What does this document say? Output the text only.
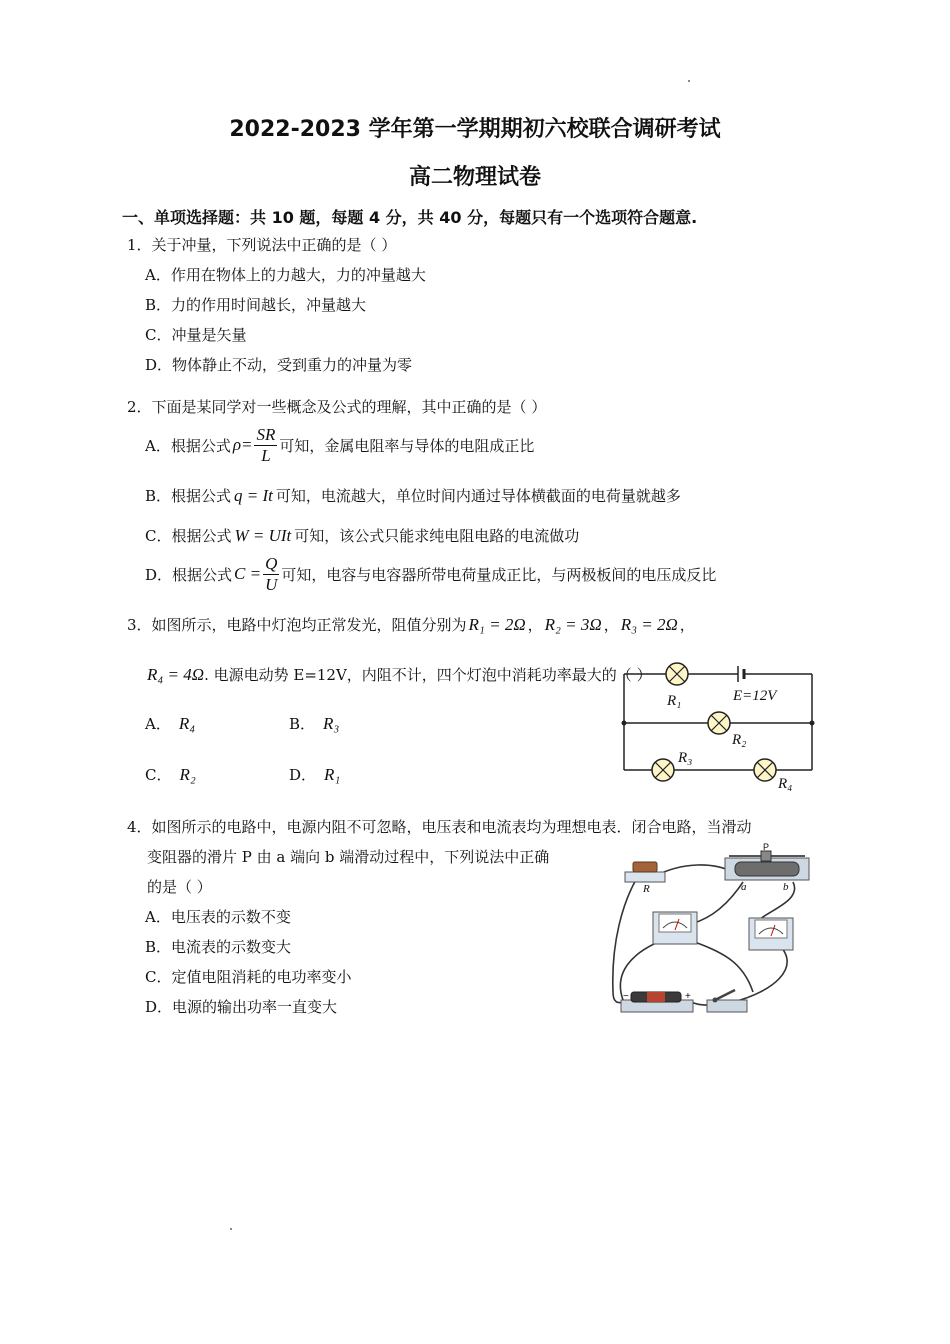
2022-2023 学年第一学期期初六校联合调研考试
高二物理试卷
一、单项选择题：共 10 题，每题 4 分，共 40 分，每题只有一个选项符合题意.
1．关于冲量，下列说法中正确的是（ ）
A．作用在物体上的力越大，力的冲量越大
B．力的作用时间越长，冲量越大
C．冲量是矢量
D．物体静止不动，受到重力的冲量为零
2．下面是某同学对一些概念及公式的理解，其中正确的是（ ）
A．根据公式 $\rho= \frac{SR}{L}$ 可知，金属电阻率与导体的电阻成正比
B．根据公式 q = It 可知，电流越大，单位时间内通过导体横截面的电荷量就越多
C．根据公式 W = UIt 可知，该公式只能求纯电阻电路的电流做功
D．根据公式 $C = \frac{Q}{U}$ 可知，电容与电容器所带电荷量成正比，与两极板间的电压成反比
3．如图所示，电路中灯泡均正常发光，阻值分别为 R₁ = 2Ω ， R₂ = 3Ω ， R₃ = 2Ω ，
R₄ = 4Ω. 电源电动势 E=12V，内阻不计，四个灯泡中消耗功率最大的（ ）
A． R₄	B． R₃
C． R₂	D． R₁
R₁	E=12V
R₂
R₃
R₄
4．如图所示的电路中，电源内阻不可忽略，电压表和电流表均为理想电表．闭合电路，当滑动
变阻器的滑片 P 由 a 端向 b 端滑动过程中，下列说法中正确
的是（ ）
A．电压表的示数不变
B．电流表的示数变大
C．定值电阻消耗的电功率变小
D．电源的输出功率一直变大
R
P
a	b
−	+
